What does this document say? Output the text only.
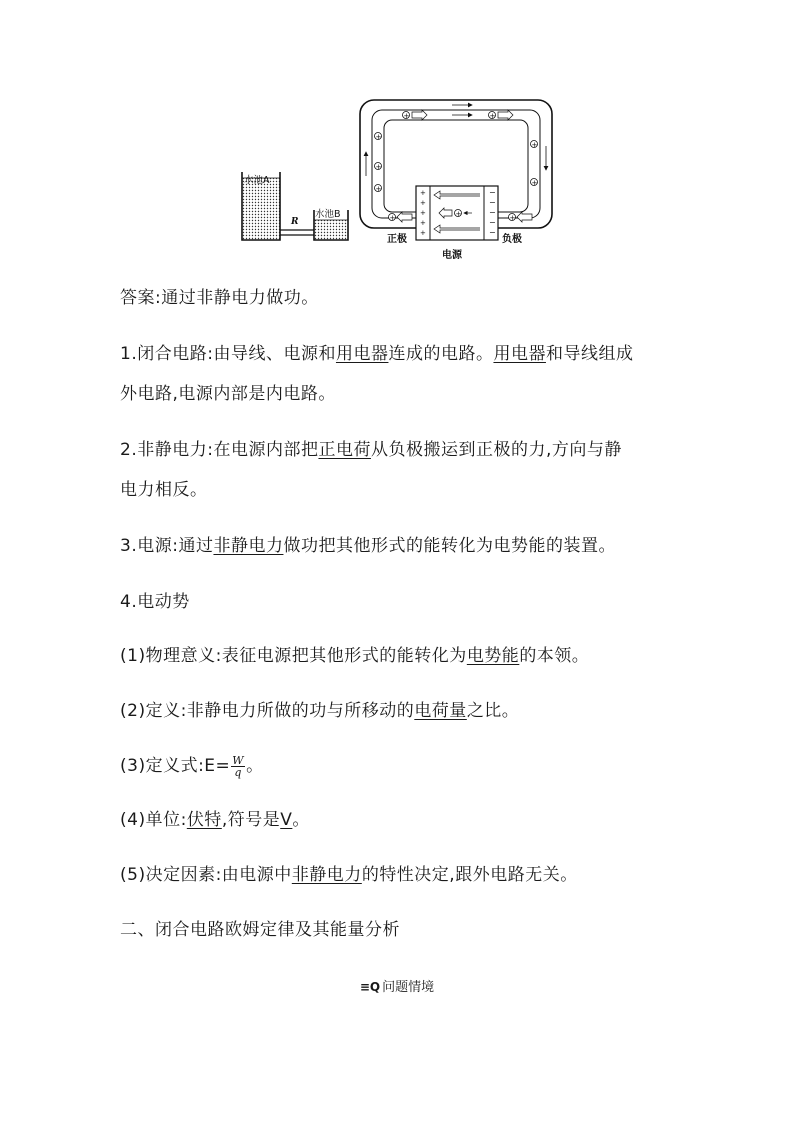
水池A
R
水池B
+	+
+
+
+
+
+
+
+
+
+
+
−
−
−
−
−
+
+	+
正极	负极
电源
答案:通过非静电力做功。
1.闭合电路:由导线、电源和用电器连成的电路。用电器和导线组成
外电路,电源内部是内电路。
2.非静电力:在电源内部把正电荷从负极搬运到正极的力,方向与静
电力相反。
3.电源:通过非静电力做功把其他形式的能转化为电势能的装置。
4.电动势
(1)物理意义:表征电源把其他形式的能转化为电势能的本领。
(2)定义:非静电力所做的功与所移动的电荷量之比。
(3)定义式:E= $\frac{W}{q}$ 。
(4)单位:伏特,符号是V。
(5)决定因素:由电源中非静电力的特性决定,跟外电路无关。
二、闭合电路欧姆定律及其能量分析
≡Q 问题情境
